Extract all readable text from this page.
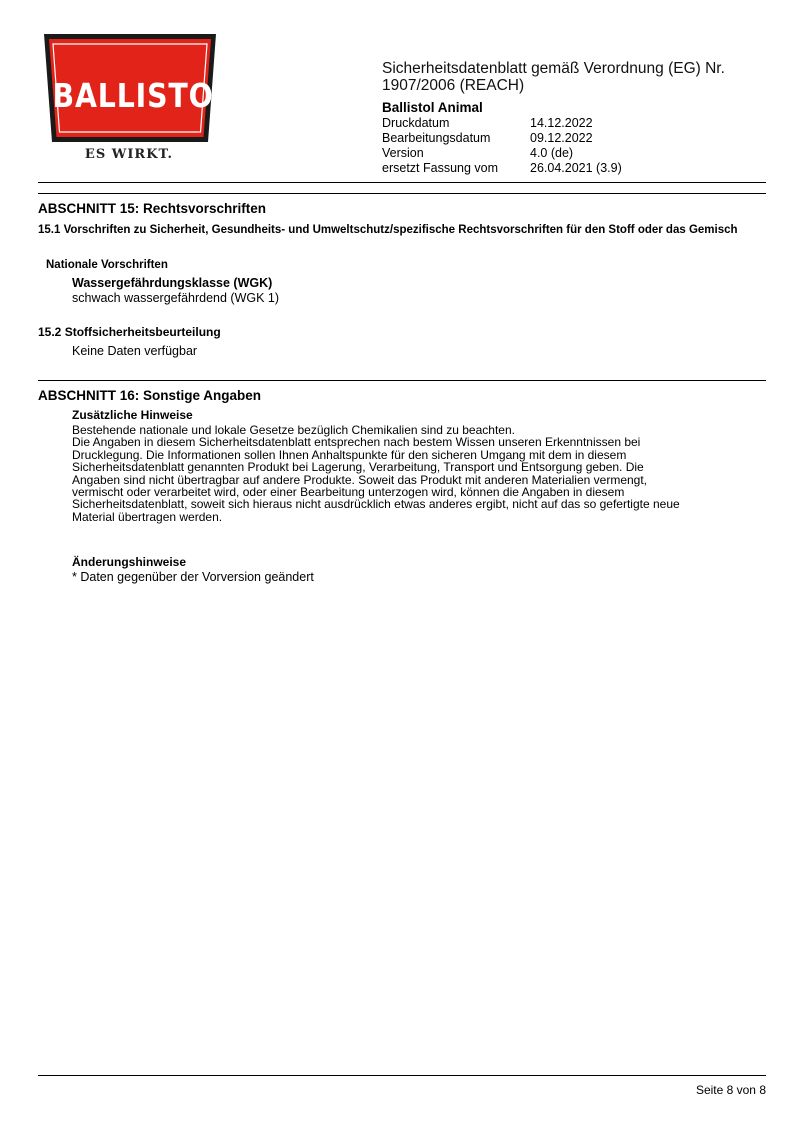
BALLISTOL®
ES WIRKT.
Sicherheitsdatenblatt gemäß Verordnung (EG) Nr. 1907/2006 (REACH)
Ballistol Animal
Druckdatum	14.12.2022
Bearbeitungsdatum	09.12.2022
Version	4.0 (de)
ersetzt Fassung vom	26.04.2021 (3.9)
ABSCHNITT 15: Rechtsvorschriften
15.1 Vorschriften zu Sicherheit, Gesundheits- und Umweltschutz/spezifische Rechtsvorschriften für den Stoff oder das Gemisch
Nationale Vorschriften
Wassergefährdungsklasse (WGK)
schwach wassergefährdend (WGK 1)
15.2 Stoffsicherheitsbeurteilung
Keine Daten verfügbar
ABSCHNITT 16: Sonstige Angaben
Zusätzliche Hinweise
Bestehende nationale und lokale Gesetze bezüglich Chemikalien sind zu beachten.
Die Angaben in diesem Sicherheitsdatenblatt entsprechen nach bestem Wissen unseren Erkenntnissen bei
Drucklegung. Die Informationen sollen Ihnen Anhaltspunkte für den sicheren Umgang mit dem in diesem
Sicherheitsdatenblatt genannten Produkt bei Lagerung, Verarbeitung, Transport und Entsorgung geben. Die
Angaben sind nicht übertragbar auf andere Produkte. Soweit das Produkt mit anderen Materialien vermengt,
vermischt oder verarbeitet wird, oder einer Bearbeitung unterzogen wird, können die Angaben in diesem
Sicherheitsdatenblatt, soweit sich hieraus nicht ausdrücklich etwas anderes ergibt, nicht auf das so gefertigte neue
Material übertragen werden.
Änderungshinweise
* Daten gegenüber der Vorversion geändert
Seite 8 von 8
